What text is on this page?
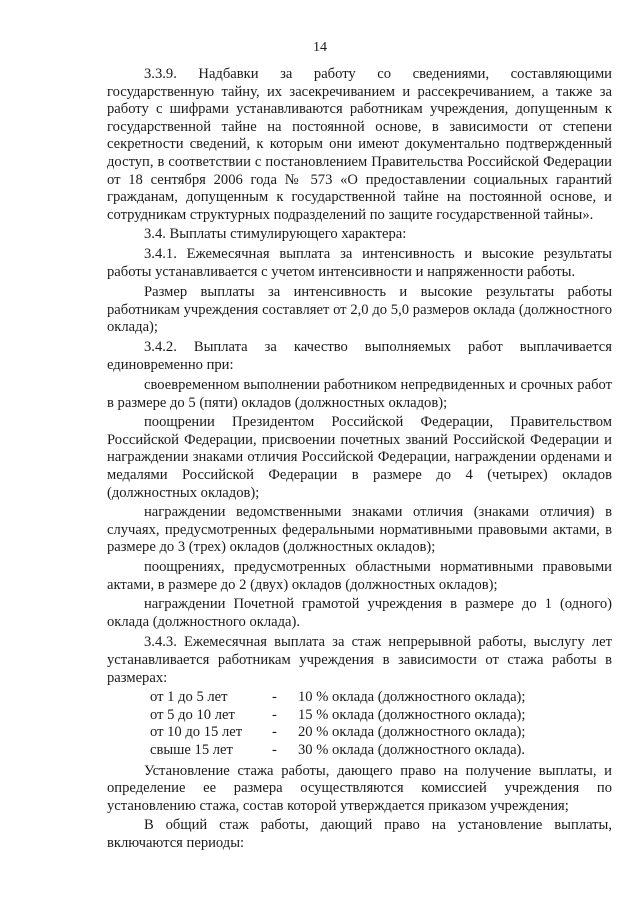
14

3.3.9. Надбавки за работу со сведениями, составляющими государственную тайну, их засекречиванием и рассекречиванием, а также за работу с шифрами устанавливаются работникам учреждения, допущенным к государственной тайне на постоянной основе, в зависимости от степени секретности сведений, к которым они имеют документально подтвержденный доступ, в соответствии с постановлением Правительства Российской Федерации от 18 сентября 2006 года № 573 «О предоставлении социальных гарантий гражданам, допущенным к государственной тайне на постоянной основе, и сотрудникам структурных подразделений по защите государственной тайны».

3.4. Выплаты стимулирующего характера:

3.4.1. Ежемесячная выплата за интенсивность и высокие результаты работы устанавливается с учетом интенсивности и напряженности работы.

Размер выплаты за интенсивность и высокие результаты работы работникам учреждения составляет от 2,0 до 5,0 размеров оклада (должностного оклада);

3.4.2. Выплата за качество выполняемых работ выплачивается единовременно при:

своевременном выполнении работником непредвиденных и срочных работ в размере до 5 (пяти) окладов (должностных окладов);

поощрении Президентом Российской Федерации, Правительством Российской Федерации, присвоении почетных званий Российской Федерации и награждении знаками отличия Российской Федерации, награждении орденами и медалями Российской Федерации в размере до 4 (четырех) окладов (должностных окладов);

награждении ведомственными знаками отличия (знаками отличия) в случаях, предусмотренных федеральными нормативными правовыми актами, в размере до 3 (трех) окладов (должностных окладов);

поощрениях, предусмотренных областными нормативными правовыми актами, в размере до 2 (двух) окладов (должностных окладов);

награждении Почетной грамотой учреждения в размере до 1 (одного) оклада (должностного оклада).

3.4.3. Ежемесячная выплата за стаж непрерывной работы, выслугу лет устанавливается работникам учреждения в зависимости от стажа работы в размерах:

от 1 до 5 лет	-	10 % оклада (должностного оклада);
от 5 до 10 лет	-	15 % оклада (должностного оклада);
от 10 до 15 лет	-	20 % оклада (должностного оклада);
свыше 15 лет	-	30 % оклада (должностного оклада).

Установление стажа работы, дающего право на получение выплаты, и определение ее размера осуществляются комиссией учреждения по установлению стажа, состав которой утверждается приказом учреждения;

В общий стаж работы, дающий право на установление выплаты, включаются периоды:
